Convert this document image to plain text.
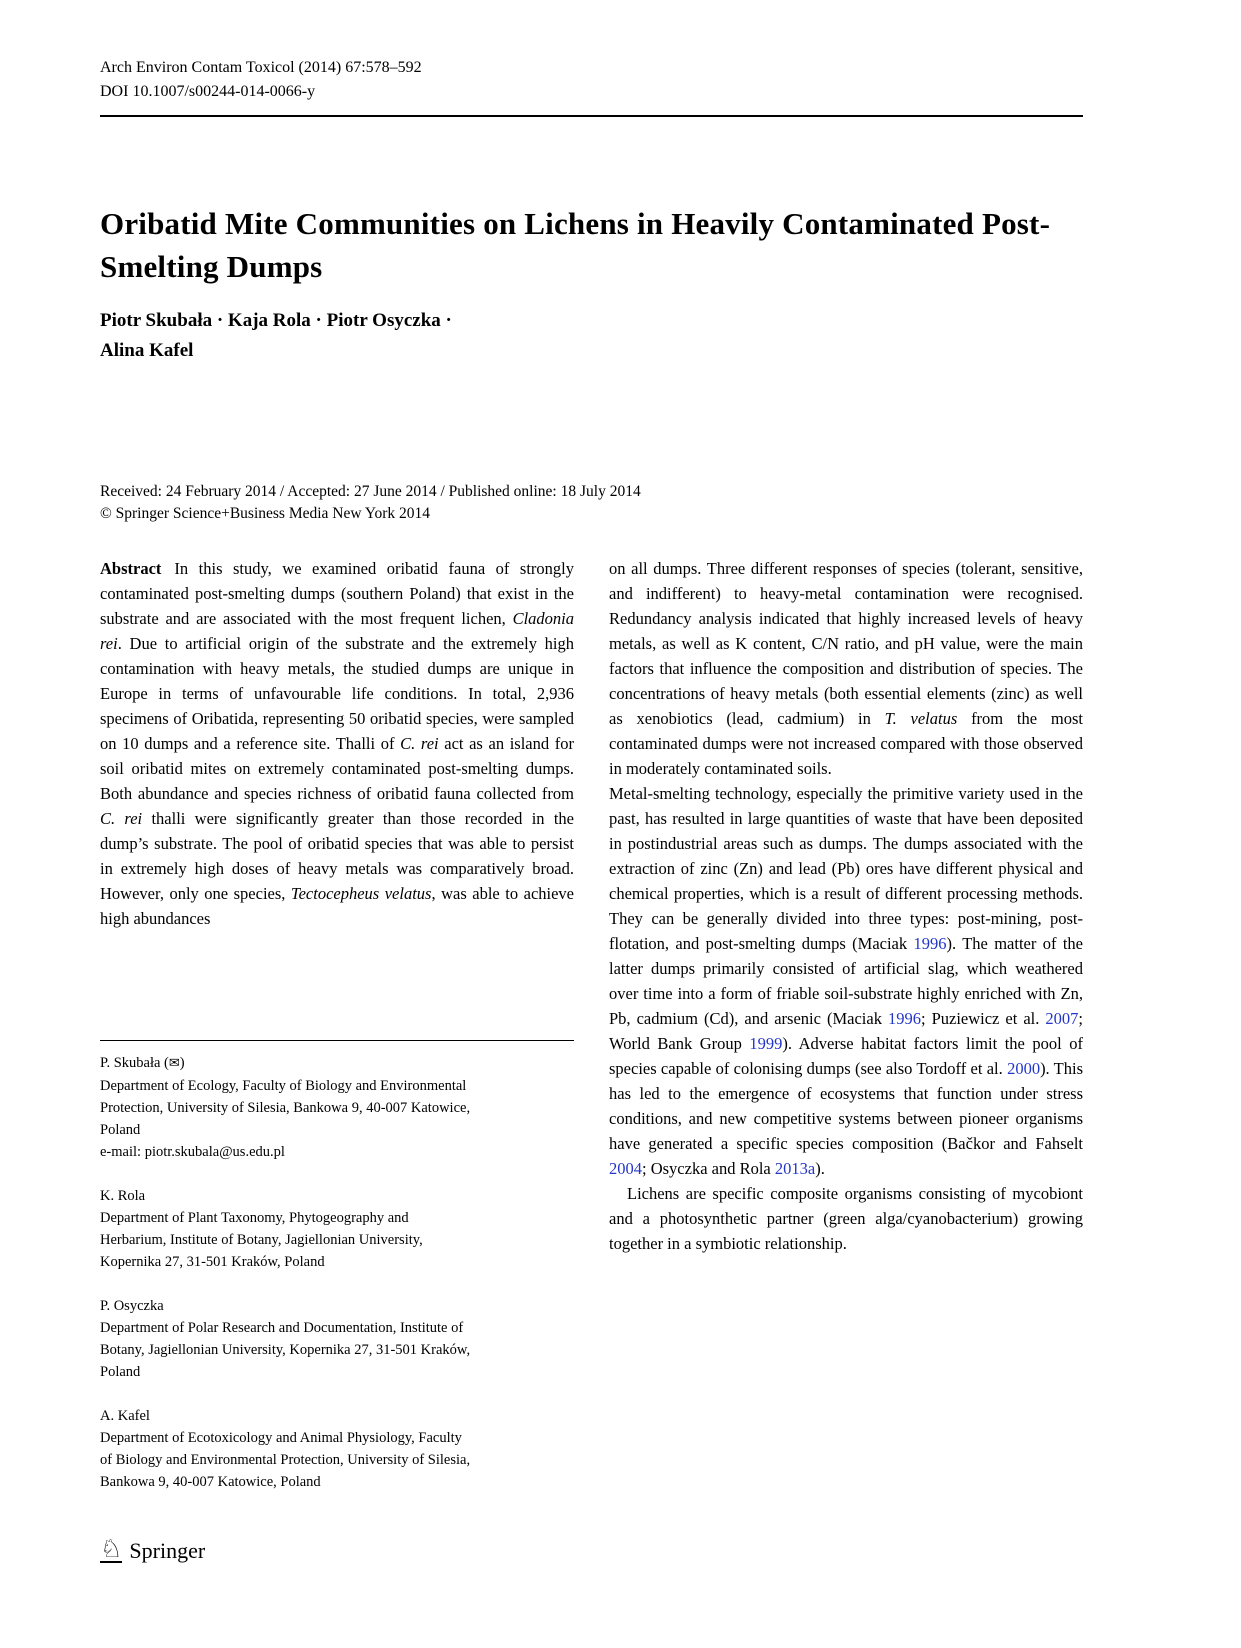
Arch Environ Contam Toxicol (2014) 67:578–592
DOI 10.1007/s00244-014-0066-y
Oribatid Mite Communities on Lichens in Heavily Contaminated Post-Smelting Dumps
Piotr Skubała · Kaja Rola · Piotr Osyczka ·
Alina Kafel
Received: 24 February 2014 / Accepted: 27 June 2014 / Published online: 18 July 2014
© Springer Science+Business Media New York 2014

Abstract In this study, we examined oribatid fauna of strongly contaminated post-smelting dumps (southern Poland) that exist in the substrate and are associated with the most frequent lichen, Cladonia rei. Due to artificial origin of the substrate and the extremely high contamination with heavy metals, the studied dumps are unique in Europe in terms of unfavourable life conditions. In total, 2,936 specimens of Oribatida, representing 50 oribatid species, were sampled on 10 dumps and a reference site. Thalli of C. rei act as an island for soil oribatid mites on extremely contaminated post-smelting dumps. Both abundance and species richness of oribatid fauna collected from C. rei thalli were significantly greater than those recorded in the dump’s substrate. The pool of oribatid species that was able to persist in extremely high doses of heavy metals was comparatively broad. However, only one species, Tectocepheus velatus, was able to achieve high abundances

on all dumps. Three different responses of species (tolerant, sensitive, and indifferent) to heavy-metal contamination were recognised. Redundancy analysis indicated that highly increased levels of heavy metals, as well as K content, C/N ratio, and pH value, were the main factors that influence the composition and distribution of species. The concentrations of heavy metals (both essential elements (zinc) as well as xenobiotics (lead, cadmium) in T. velatus from the most contaminated dumps were not increased compared with those observed in moderately contaminated soils.

Metal-smelting technology, especially the primitive variety used in the past, has resulted in large quantities of waste that have been deposited in postindustrial areas such as dumps. The dumps associated with the extraction of zinc (Zn) and lead (Pb) ores have different physical and chemical properties, which is a result of different processing methods. They can be generally divided into three types: post-mining, post-flotation, and post-smelting dumps (Maciak 1996). The matter of the latter dumps primarily consisted of artificial slag, which weathered over time into a form of friable soil-substrate highly enriched with Zn, Pb, cadmium (Cd), and arsenic (Maciak 1996; Puziewicz et al. 2007; World Bank Group 1999). Adverse habitat factors limit the pool of species capable of colonising dumps (see also Tordoff et al. 2000). This has led to the emergence of ecosystems that function under stress conditions, and new competitive systems between pioneer organisms have generated a specific species composition (Bačkor and Fahselt 2004; Osyczka and Rola 2013a).

Lichens are specific composite organisms consisting of mycobiont and a photosynthetic partner (green alga/cyanobacterium) growing together in a symbiotic relationship.

P. Skubała (✉)
Department of Ecology, Faculty of Biology and Environmental
Protection, University of Silesia, Bankowa 9, 40-007 Katowice,
Poland
e-mail: piotr.skubala@us.edu.pl
K. Rola
Department of Plant Taxonomy, Phytogeography and
Herbarium, Institute of Botany, Jagiellonian University,
Kopernika 27, 31-501 Kraków, Poland
P. Osyczka
Department of Polar Research and Documentation, Institute of
Botany, Jagiellonian University, Kopernika 27, 31-501 Kraków,
Poland
A. Kafel
Department of Ecotoxicology and Animal Physiology, Faculty
of Biology and Environmental Protection, University of Silesia,
Bankowa 9, 40-007 Katowice, Poland
♘ Springer
